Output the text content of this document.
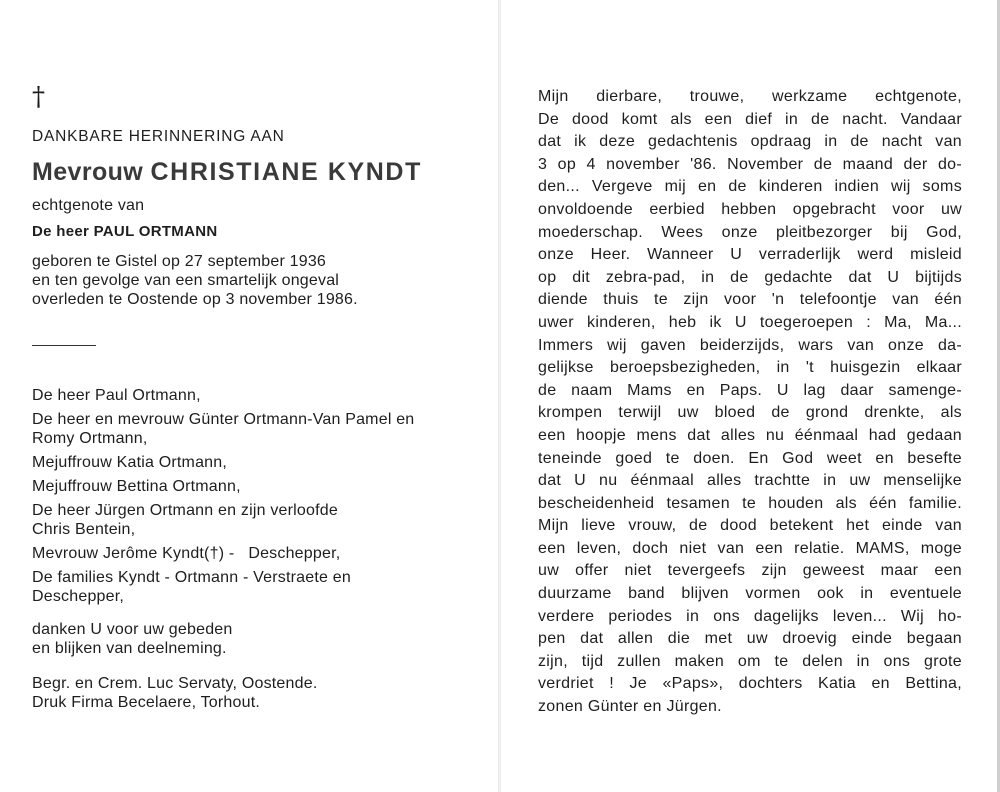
†
DANKBARE HERINNERING AAN
Mevrouw CHRISTIANE KYNDT
echtgenote van
De heer PAUL ORTMANN
geboren te Gistel op 27 september 1936
en ten gevolge van een smartelijk ongeval
overleden te Oostende op 3 november 1986.
De heer Paul Ortmann,
De heer en mevrouw Günter Ortmann-Van Pamel en
Romy Ortmann,
Mejuffrouw Katia Ortmann,
Mejuffrouw Bettina Ortmann,
De heer Jürgen Ortmann en zijn verloofde
Chris Bentein,
Mevrouw Jerôme Kyndt(†) -   Deschepper,
De families Kyndt - Ortmann - Verstraete en
Deschepper,
danken U voor uw gebeden
en blijken van deelneming.
Begr. en Crem. Luc Servaty, Oostende.
Druk Firma Becelaere, Torhout.
Mijn dierbare, trouwe, werkzame echtgenote,
De dood komt als een dief in de nacht. Vandaar
dat ik deze gedachtenis opdraag in de nacht van
3 op 4 november '86. November de maand der do-
den... Vergeve mij en de kinderen indien wij soms
onvoldoende eerbied hebben opgebracht voor uw
moederschap. Wees onze pleitbezorger bij God,
onze Heer. Wanneer U verraderlijk werd misleid
op dit zebra-pad, in de gedachte dat U bijtijds
diende thuis te zijn voor 'n telefoontje van één
uwer kinderen, heb ik U toegeroepen : Ma, Ma...
Immers wij gaven beiderzijds, wars van onze da-
gelijkse beroepsbezigheden, in 't huisgezin elkaar
de naam Mams en Paps. U lag daar samenge-
krompen terwijl uw bloed de grond drenkte, als
een hoopje mens dat alles nu éénmaal had gedaan
teneinde goed te doen. En God weet en besefte
dat U nu éénmaal alles trachtte in uw menselijke
bescheidenheid tesamen te houden als één familie.
Mijn lieve vrouw, de dood betekent het einde van
een leven, doch niet van een relatie. MAMS, moge
uw offer niet tevergeefs zijn geweest maar een
duurzame band blijven vormen ook in eventuele
verdere periodes in ons dagelijks leven... Wij ho-
pen dat allen die met uw droevig einde begaan
zijn, tijd zullen maken om te delen in ons grote
verdriet ! Je «Paps», dochters Katia en Bettina,
zonen Günter en Jürgen.
